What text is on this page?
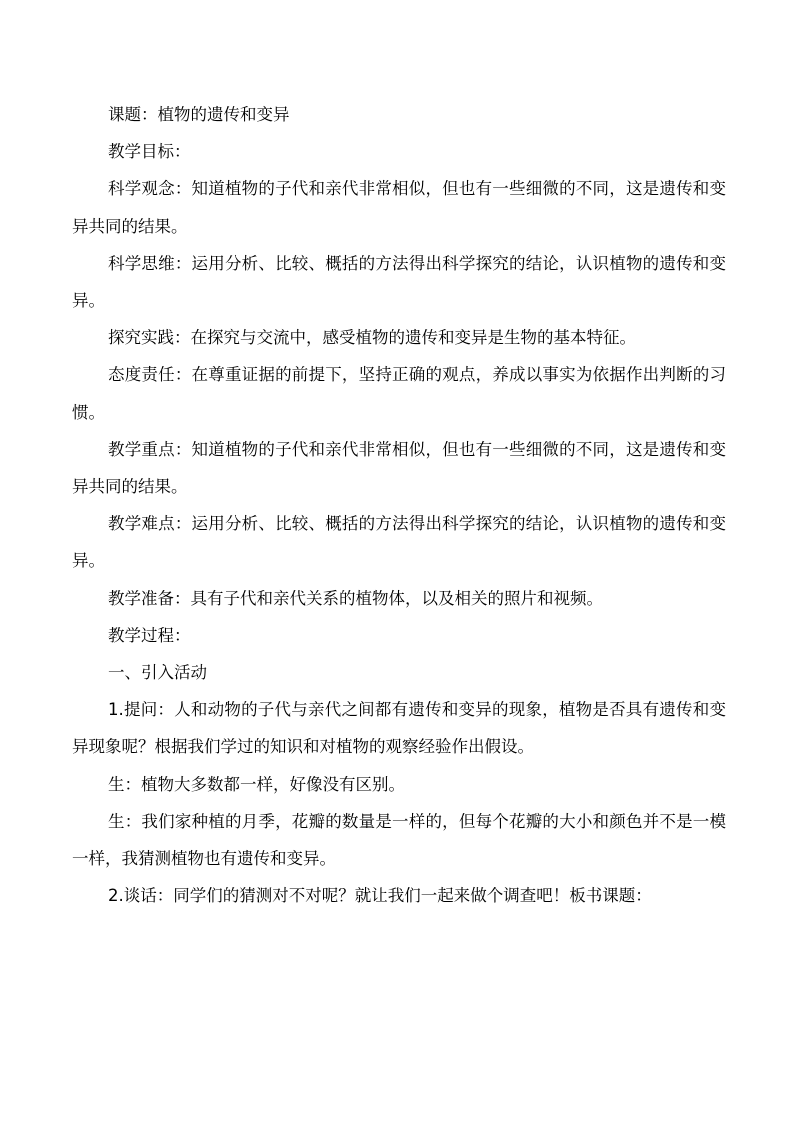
课题：植物的遗传和变异

教学目标：

科学观念：知道植物的子代和亲代非常相似，但也有一些细微的不同，这是遗传和变异共同的结果。

科学思维：运用分析、比较、概括的方法得出科学探究的结论，认识植物的遗传和变异。

探究实践：在探究与交流中，感受植物的遗传和变异是生物的基本特征。

态度责任：在尊重证据的前提下，坚持正确的观点，养成以事实为依据作出判断的习惯。

教学重点：知道植物的子代和亲代非常相似，但也有一些细微的不同，这是遗传和变异共同的结果。

教学难点：运用分析、比较、概括的方法得出科学探究的结论，认识植物的遗传和变异。

教学准备：具有子代和亲代关系的植物体，以及相关的照片和视频。

教学过程：

一、引入活动

1.提问：人和动物的子代与亲代之间都有遗传和变异的现象，植物是否具有遗传和变异现象呢？根据我们学过的知识和对植物的观察经验作出假设。

生：植物大多数都一样，好像没有区别。

生：我们家种植的月季，花瓣的数量是一样的，但每个花瓣的大小和颜色并不是一模一样，我猜测植物也有遗传和变异。

2.谈话：同学们的猜测对不对呢？就让我们一起来做个调查吧！板书课题：
